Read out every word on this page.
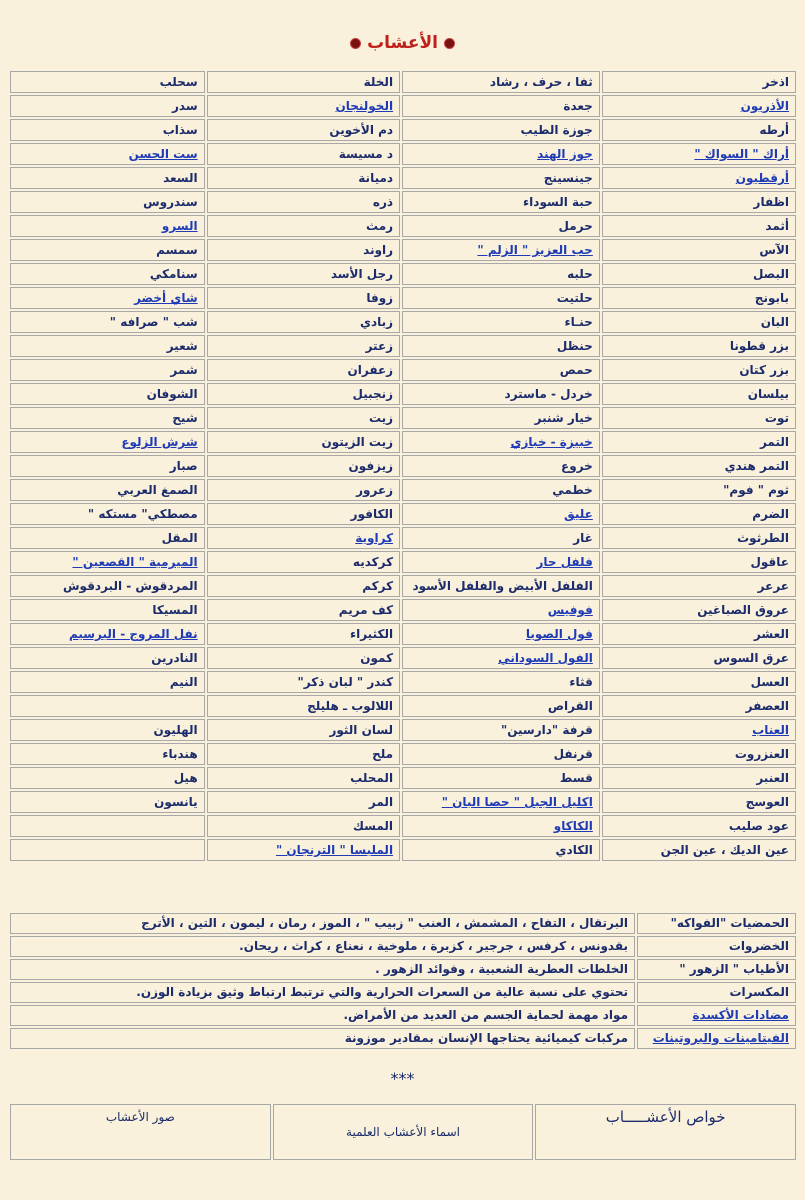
الأعشاب
اذخر	ثفا ، حرف ، رشاد	الخلة	سحلب
الأذريون	جعدة	الخولنجان	سدر
أرطه	جوزة الطيب	دم الأخوين	سذاب
أراك " السواك "	جوز الهند	د مسيسة	ست الحسن
أرقطيون	جينسينج	دميانة	السعد
اظفار	حبة السوداء	ذره	سندروس
أثمد	حرمل	رمث	السرو
الآس	حب العزيز " الزلم "	راوند	سمسم
البصل	حلبه	رجل الأسد	سنامكي
بابونج	حلتيت	زوفا	شاي أخضر
البان	حنـاء	زبادي	شب " صرافه "
بزر قطونا	حنظل	زعتر	شعير
بزر كتان	حمص	زعفران	شمر
بيلسان	خردل - ماسترد	زنجبيل	الشوفان
توت	خيار شنبر	زيت	شيح
التمر	خبيزة - خبازي	زيت الزيتون	شرش الزلوع
التمر هندي	خروع	زيزفون	صبار
ثوم " فوم"	خطمي	زعرور	الصمغ العربي
الضرم	عليق	الكافور	مصطكي" مستكه "
الطرثوث	غار	كراوية	المقل
عاقول	فلفل حار	كركديه	الميرمية " القصعين "
عرعر	الفلفل الأبيض والفلفل الأسود	كركم	المردقوش - البردقوش
عروق الصباغين	فوفيس	كف مريم	المسيكا
العشر	فول الصويا	الكثيراء	نفل المروج - البرسيم
عرق السوس	الفول السوداني	كمون	النادرين
العسل	قثاء	كندر " لبان ذكر"	النيم
العصفر	القراص	اللالوب ـ هليلج	
العناب	قرفة "دارسين"	لسان الثور	الهليون
العنزروت	قرنفل	ملح	هندباء
العنبر	قسط	المحلب	هيل
العوسج	اكليل الجبل " حصا البان "	المر	يانسون
عود صليب	الكاكاو	المسك	
عين الديك ، عين الجن	الكادي	الملبسا " الترنجان "	
الحمضيات "الفواكه"	البرتقال ، التفاح ، المشمش ، العنب " زبيب " ، الموز ، رمان ، ليمون ، التين ، الأترج
الخضروات	بقدونس ، كرفس ، جرجير ، كزبرة ، ملوخية ، نعناع ، كراث ، ريحان.
الأطياب " الزهور "	الخلطات العطرية الشعبية ، وفوائد الزهور .
المكسرات	تحتوي على نسبة عالية من السعرات الحرارية والتي ترتبط ارتباط وثيق بزيادة الوزن.
مضادات الأكسدة	مواد مهمة لحماية الجسم من العديد من الأمراض.
الفيتامينات والبروتينات	مركبات كيميائية يحتاجها الإنسان بمقادير موزونة
***
خواص الأعشـــــاب	اسماء الأعشاب العلمية	صور الأعشاب
